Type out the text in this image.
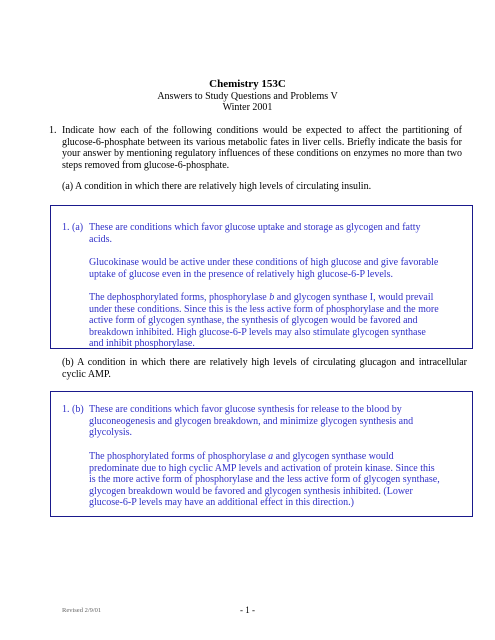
Chemistry 153C
Answers to Study Questions and Problems V
Winter 2001
1. Indicate how each of the following conditions would be expected to affect the partitioning of glucose-6-phosphate between its various metabolic fates in liver cells. Briefly indicate the basis for your answer by mentioning regulatory influences of these conditions on enzymes no more than two steps removed from glucose-6-phosphate.
(a) A condition in which there are relatively high levels of circulating insulin.
1. (a) These are conditions which favor glucose uptake and storage as glycogen and fatty acids.
Glucokinase would be active under these conditions of high glucose and give favorable uptake of glucose even in the presence of relatively high glucose-6-P levels.
The dephosphorylated forms, phosphorylase b and glycogen synthase I, would prevail under these conditions. Since this is the less active form of phosphorylase and the more active form of glycogen synthase, the synthesis of glycogen would be favored and breakdown inhibited. High glucose-6-P levels may also stimulate glycogen synthase and inhibit phosphorylase.
(b) A condition in which there are relatively high levels of circulating glucagon and intracellular cyclic AMP.
1. (b) These are conditions which favor glucose synthesis for release to the blood by gluconeogenesis and glycogen breakdown, and minimize glycogen synthesis and glycolysis.
The phosphorylated forms of phosphorylase a and glycogen synthase would predominate due to high cyclic AMP levels and activation of protein kinase. Since this is the more active form of phosphorylase and the less active form of glycogen synthase, glycogen breakdown would be favored and glycogen synthesis inhibited. (Lower glucose-6-P levels may have an additional effect in this direction.)
Revised 2/9/01	- 1 -
